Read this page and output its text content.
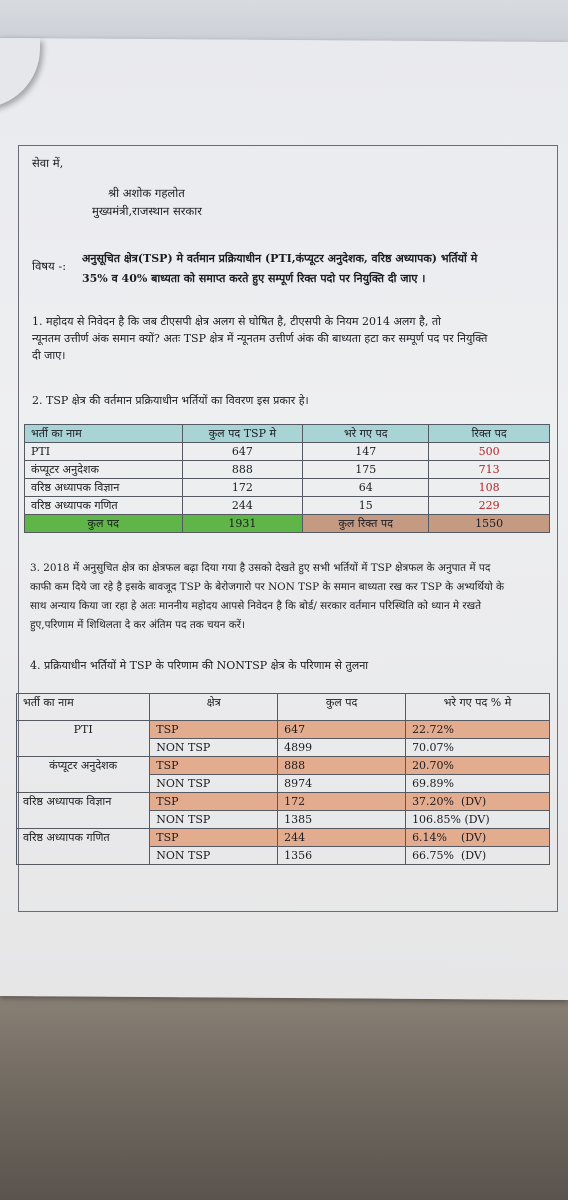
सेवा में,
श्री अशोक गहलोत
मुख्यमंत्री,राजस्थान सरकार
विषय -:
अनुसूचित क्षेत्र(TSP) मे वर्तमान प्रक्रियाधीन (PTI,कंप्यूटर अनुदेशक, वरिष्ठ अध्यापक) भर्तियों मे
35% व 40% बाध्यता को समाप्त करते हुए सम्पूर्ण रिक्त पदो पर नियुक्ति दी जाए ।
1. महोदय से निवेदन है कि जब टीएसपी क्षेत्र अलग से घोषित है, टीएसपी के नियम 2014 अलग है, तो
न्यूनतम उत्तीर्ण अंक समान क्यों? अतः TSP क्षेत्र में न्यूनतम उत्तीर्ण अंक की बाध्यता हटा कर सम्पूर्ण पद पर नियुक्ति
दी जाए।
2. TSP क्षेत्र की वर्तमान प्रक्रियाधीन भर्तियों का विवरण इस प्रकार हे।
भर्ती का नाम	कुल पद TSP मे	भरे गए पद	रिक्त पद
PTI	647	147	500
कंप्यूटर अनुदेशक	888	175	713
वरिष्ठ अध्यापक विज्ञान	172	64	108
वरिष्ठ अध्यापक गणित	244	15	229
कुल पद	1931	कुल रिक्त पद	1550
3. 2018 में अनुसुचित क्षेत्र का क्षेत्रफल बढ़ा दिया गया है उसको देखते हुए सभी भर्तियों में TSP क्षेत्रफल के अनुपात में पद
काफी कम दिये जा रहे है इसके बावजूद TSP के बेरोजगारो पर NON TSP के समान बाध्यता रख कर TSP के अभ्यर्थियो के
साथ अन्याय किया जा रहा हे अतः माननीय महोदय आपसे निवेदन है कि बोर्ड/ सरकार वर्तमान परिस्थिति को ध्यान मे रखते
हुए,परिणाम में शिथिलता दे कर अंतिम पद तक चयन करें।
4. प्रक्रियाधीन भर्तियों मे TSP के परिणाम की NONTSP क्षेत्र के परिणाम से तुलना
भर्ती का नाम	क्षेत्र	कुल पद	भरे गए पद % मे
PTI	TSP	647	22.72%
	NON TSP	4899	70.07%
कंप्यूटर अनुदेशक	TSP	888	20.70%
	NON TSP	8974	69.89%
वरिष्ठ अध्यापक विज्ञान	TSP	172	37.20%  (DV)
	NON TSP	1385	106.85% (DV)
वरिष्ठ अध्यापक गणित	TSP	244	6.14%    (DV)
	NON TSP	1356	66.75%  (DV)
